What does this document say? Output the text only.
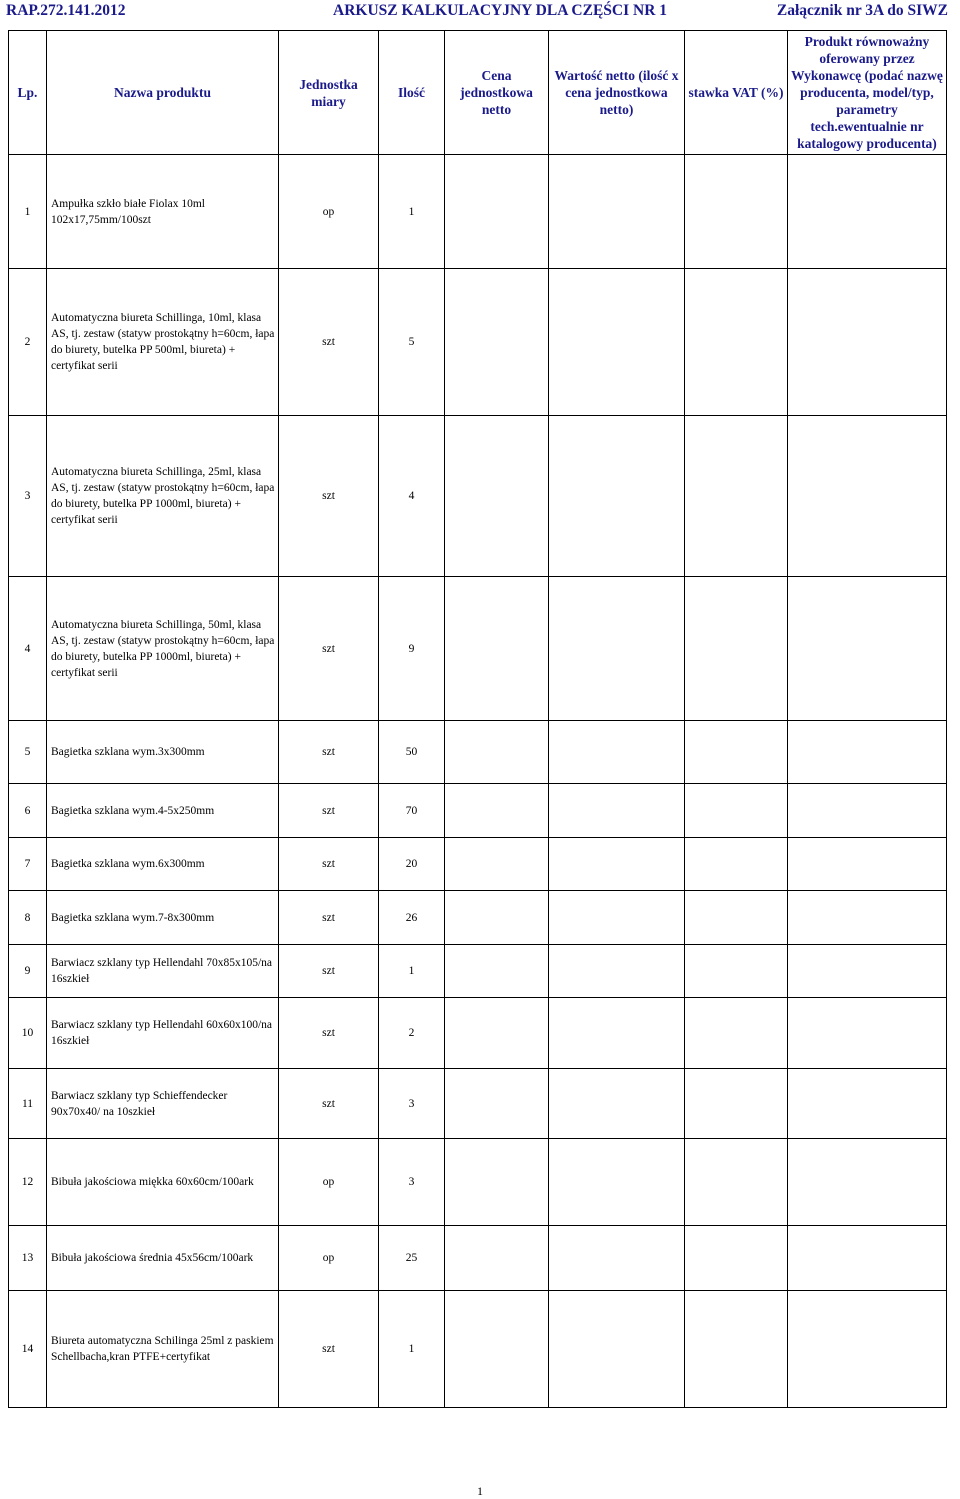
RAP.272.141.2012	ARKUSZ KALKULACYJNY DLA CZĘŚCI NR 1	Załącznik nr 3A do SIWZ
Lp.	Nazwa produktu	Jednostka miary	Ilość	Cena jednostkowa netto	Wartość netto (ilość x cena jednostkowa netto)	stawka VAT (%)	Produkt równoważny oferowany przez Wykonawcę (podać nazwę producenta, model/typ, parametry tech.ewentualnie nr katalogowy producenta)
1	Ampułka szkło białe Fiolax 10ml 102x17,75mm/100szt	op	1				
2	Automatyczna biureta Schillinga, 10ml, klasa AS, tj. zestaw (statyw prostokątny h=60cm, łapa do biurety, butelka PP 500ml, biureta) + certyfikat serii	szt	5				
3	Automatyczna biureta Schillinga, 25ml, klasa AS, tj. zestaw (statyw prostokątny h=60cm, łapa do biurety, butelka PP 1000ml, biureta) + certyfikat serii	szt	4				
4	Automatyczna biureta Schillinga, 50ml, klasa AS, tj. zestaw (statyw prostokątny h=60cm, łapa do biurety, butelka PP 1000ml, biureta) + certyfikat serii	szt	9				
5	Bagietka szklana wym.3x300mm	szt	50				
6	Bagietka szklana wym.4-5x250mm	szt	70				
7	Bagietka szklana wym.6x300mm	szt	20				
8	Bagietka szklana wym.7-8x300mm	szt	26				
9	Barwiacz szklany typ Hellendahl 70x85x105/na 16szkieł	szt	1				
10	Barwiacz szklany typ Hellendahl 60x60x100/na 16szkieł	szt	2				
11	Barwiacz szklany typ Schieffendecker 90x70x40/ na 10szkieł	szt	3				
12	Bibuła jakościowa miękka 60x60cm/100ark	op	3				
13	Bibuła jakościowa średnia 45x56cm/100ark	op	25				
14	Biureta automatyczna Schilinga 25ml z paskiem Schellbacha,kran PTFE+certyfikat	szt	1				
1
